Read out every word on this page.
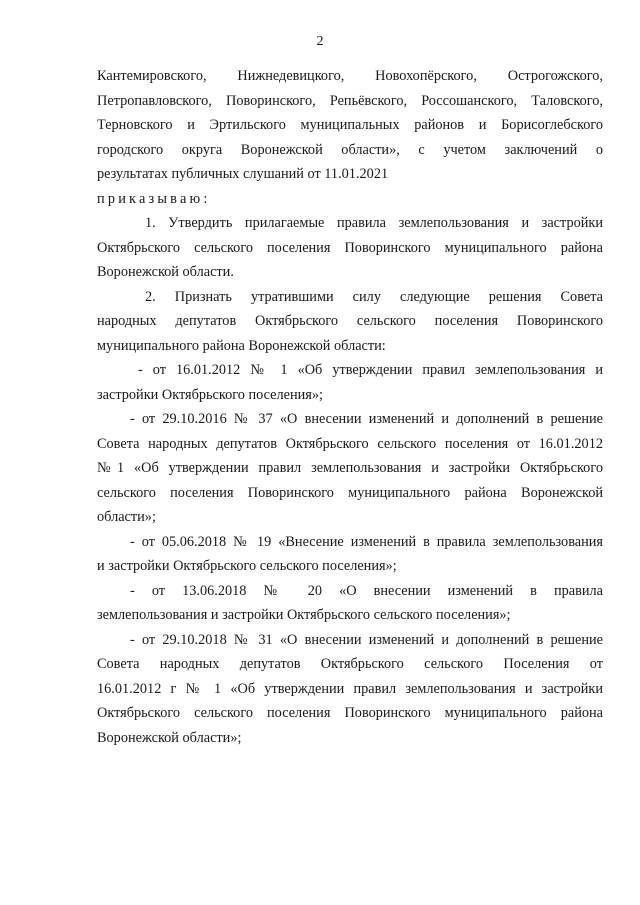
2
Кантемировского, Нижнедевицкого, Новохопёрского, Острогожского,
Петропавловского, Поворинского, Репьёвского, Россошанского, Таловского,
Терновского и Эртильского муниципальных районов и Борисоглебского
городского округа Воронежской области», с учетом заключений о
результатах публичных слушаний от 11.01.2021
приказываю:
1. Утвердить прилагаемые правила землепользования и застройки
Октябрьского сельского поселения Поворинского муниципального района
Воронежской области.
2. Признать утратившими силу следующие решения Совета
народных депутатов Октябрьского сельского поселения Поворинского
муниципального района Воронежской области:
- от 16.01.2012 № 1 «Об утверждении правил землепользования и
застройки Октябрьского поселения»;
- от 29.10.2016 № 37 «О внесении изменений и дополнений в решение
Совета народных депутатов Октябрьского сельского поселения от 16.01.2012
№1 «Об утверждении правил землепользования и застройки Октябрьского
сельского поселения Поворинского муниципального района Воронежской
области»;
- от 05.06.2018 № 19 «Внесение изменений в правила землепользования
и застройки Октябрьского сельского поселения»;
- от 13.06.2018 № 20 «О внесении изменений в правила
землепользования и застройки Октябрьского сельского поселения»;
- от 29.10.2018 № 31 «О внесении изменений и дополнений в решение
Совета народных депутатов Октябрьского сельского Поселения от
16.01.2012 г № 1 «Об утверждении правил землепользования и застройки
Октябрьского сельского поселения Поворинского муниципального района
Воронежской области»;
